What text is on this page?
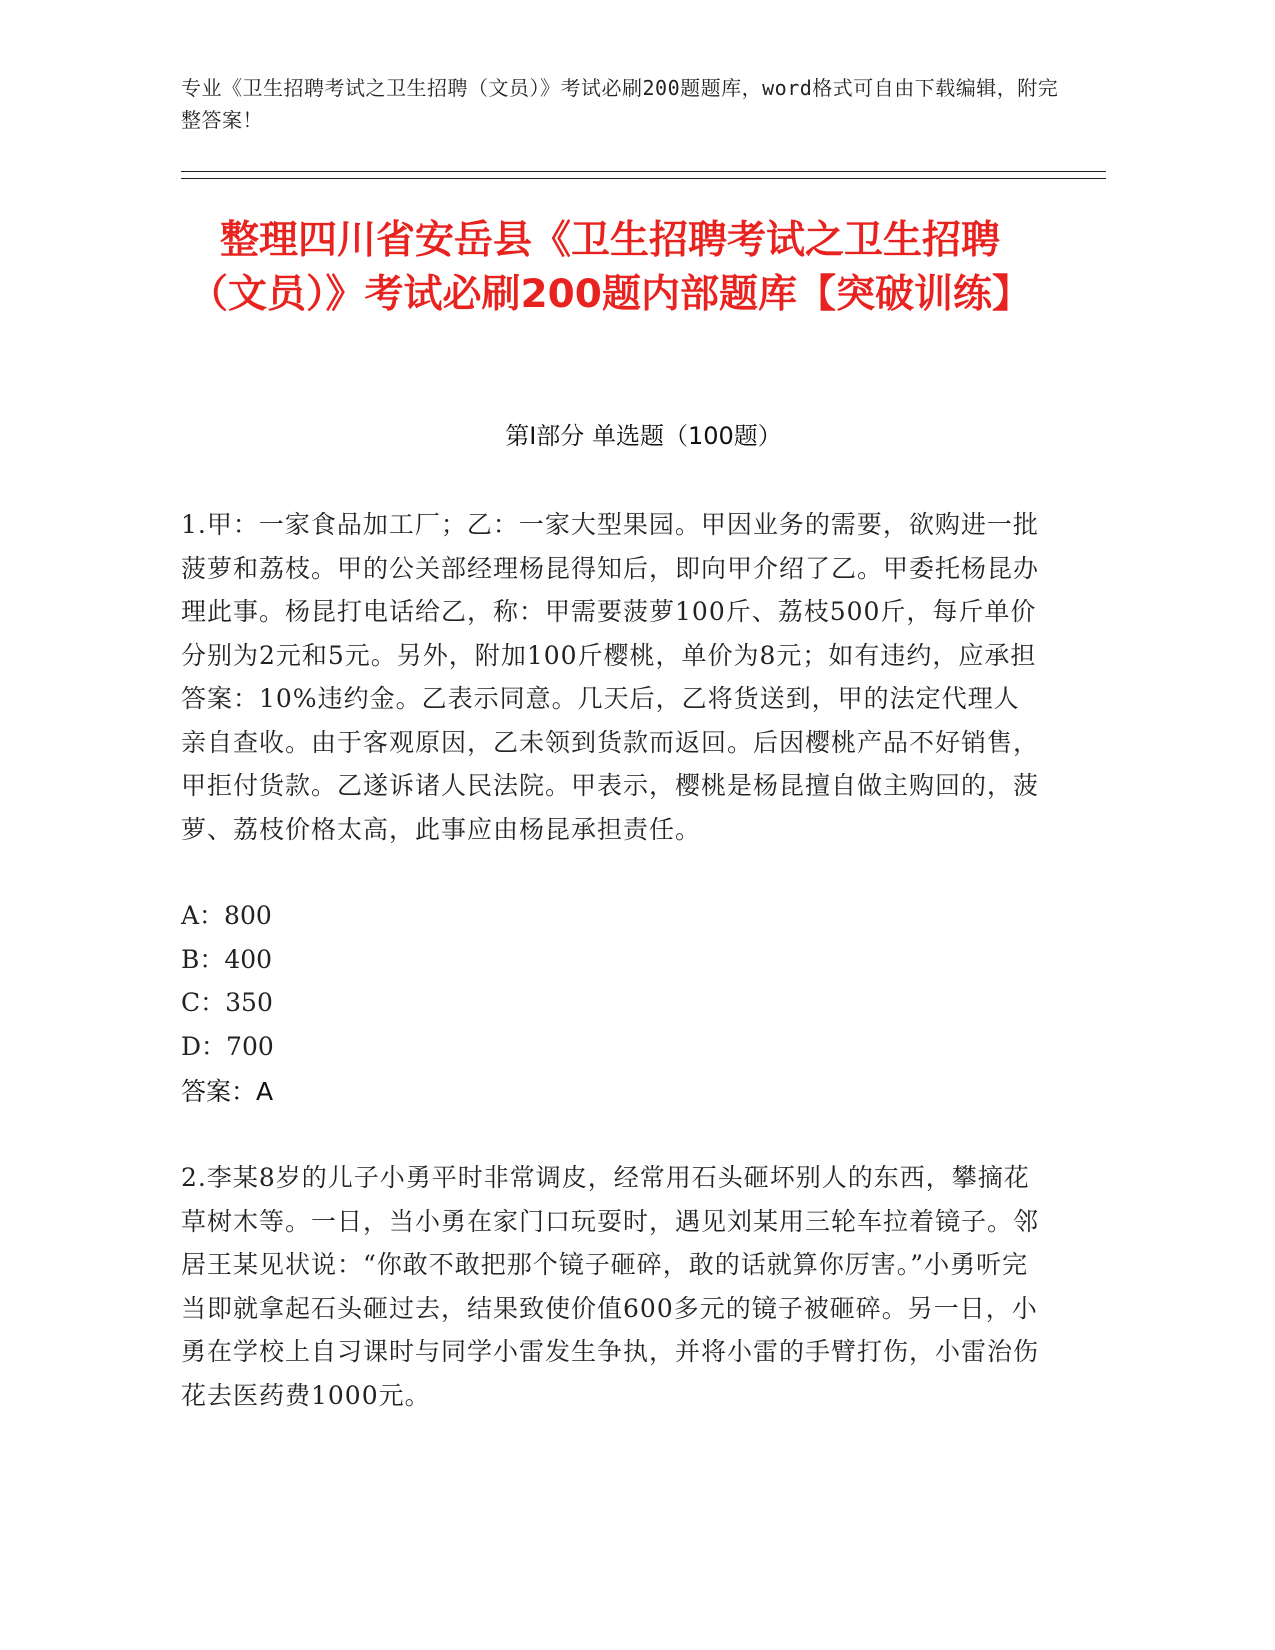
专业《卫生招聘考试之卫生招聘（文员）》考试必刷200题题库，word格式可自由下载编辑，附完整答案！
整理四川省安岳县《卫生招聘考试之卫生招聘（文员）》考试必刷200题内部题库【突破训练】
第I部分 单选题（100题）
1.甲：一家食品加工厂；乙：一家大型果园。甲因业务的需要，欲购进一批菠萝和荔枝。甲的公关部经理杨昆得知后，即向甲介绍了乙。甲委托杨昆办理此事。杨昆打电话给乙，称：甲需要菠萝100斤、荔枝500斤，每斤单价分别为2元和5元。另外，附加100斤樱桃，单价为8元；如有违约，应承担答案：10%违约金。乙表示同意。几天后，乙将货送到，甲的法定代理人亲自查收。由于客观原因，乙未领到货款而返回。后因樱桃产品不好销售，甲拒付货款。乙遂诉诸人民法院。甲表示，樱桃是杨昆擅自做主购回的，菠萝、荔枝价格太高，此事应由杨昆承担责任。
A：800
B：400
C：350
D：700
答案：A
2.李某8岁的儿子小勇平时非常调皮，经常用石头砸坏别人的东西，攀摘花草树木等。一日，当小勇在家门口玩耍时，遇见刘某用三轮车拉着镜子。邻居王某见状说：“你敢不敢把那个镜子砸碎，敢的话就算你厉害。”小勇听完当即就拿起石头砸过去，结果致使价值600多元的镜子被砸碎。另一日，小勇在学校上自习课时与同学小雷发生争执，并将小雷的手臂打伤，小雷治伤花去医药费1000元。
